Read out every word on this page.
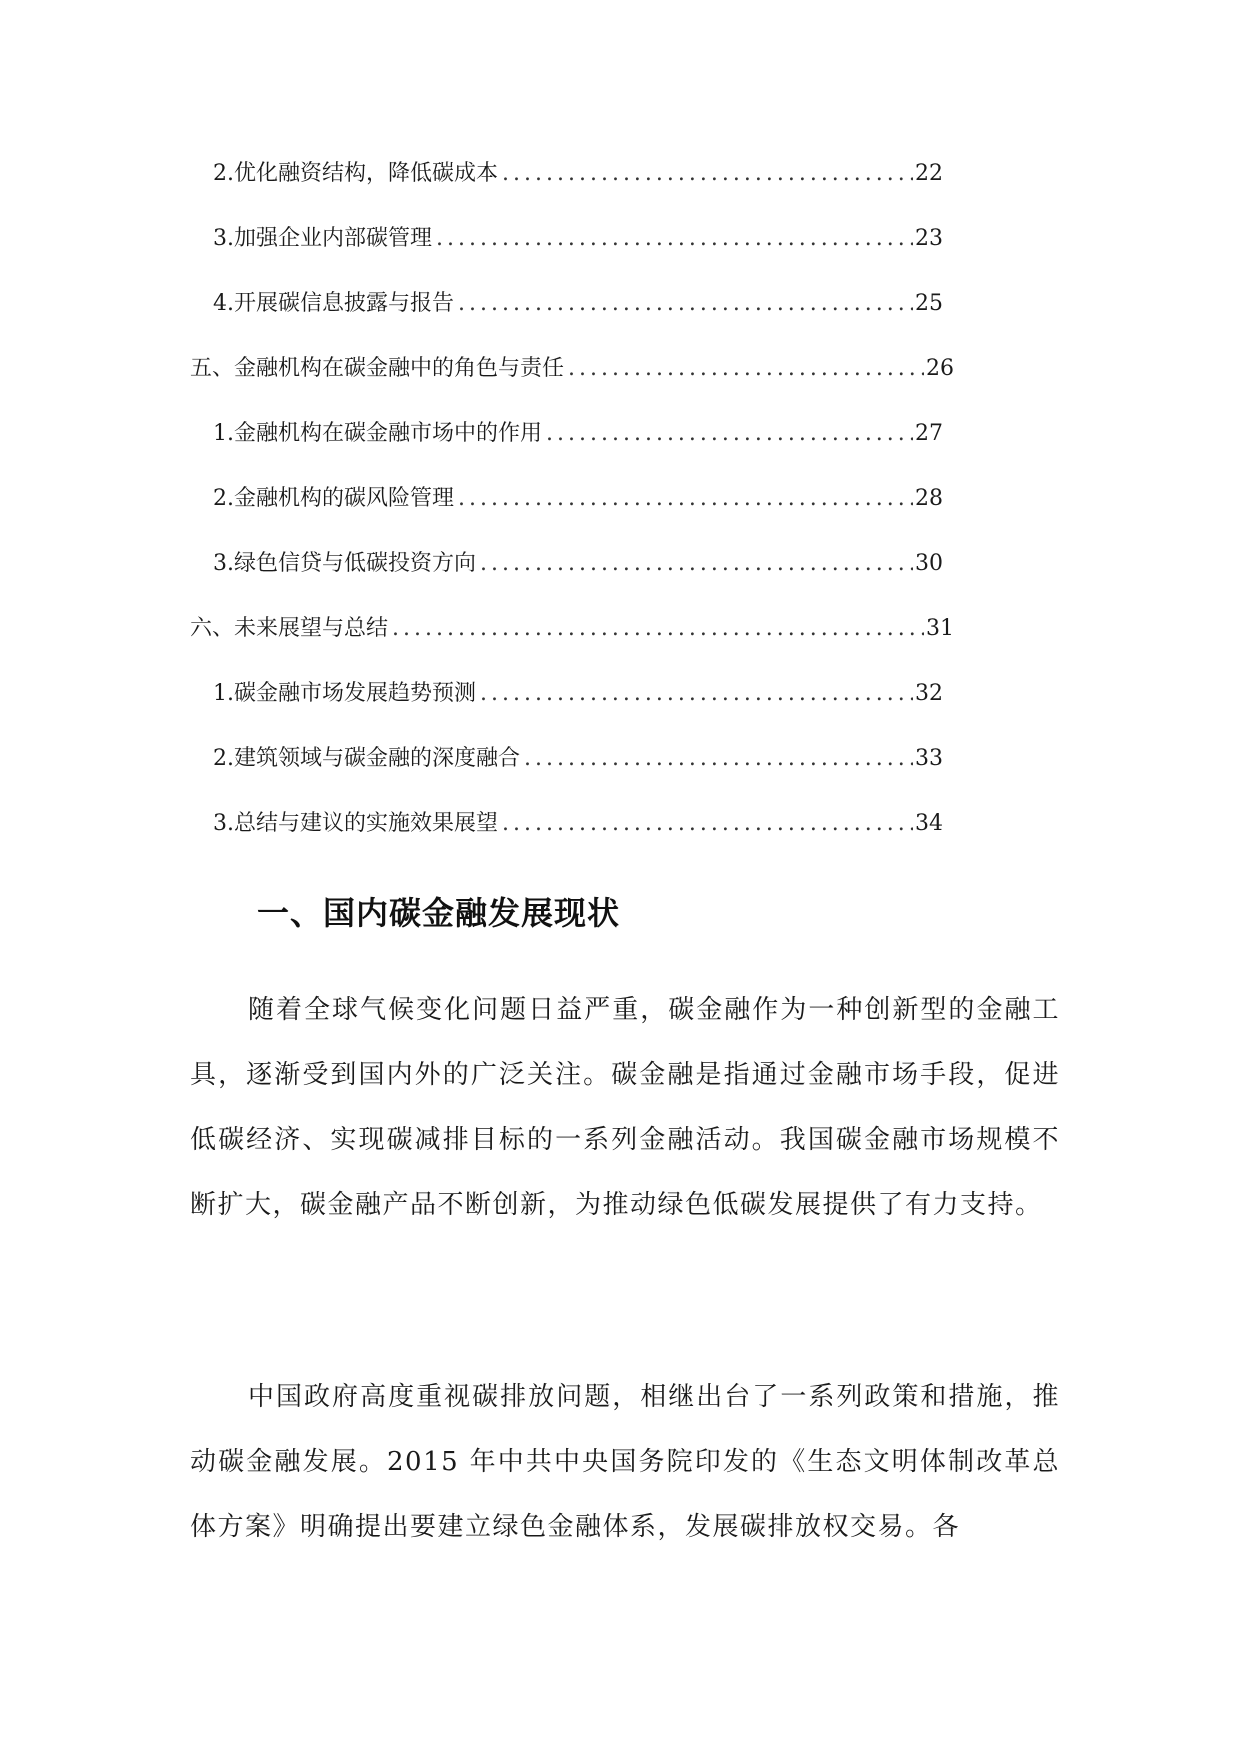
2. 优化融资结构，降低碳成本 .....	22
3. 加强企业内部碳管理 .....	23
4. 开展碳信息披露与报告 .....	25
五、金融机构在碳金融中的角色与责任 .....	26
1. 金融机构在碳金融市场中的作用 .....	27
2. 金融机构的碳风险管理 .....	28
3. 绿色信贷与低碳投资方向 .....	30
六、未来展望与总结 .....	31
1. 碳金融市场发展趋势预测 .....	32
2. 建筑领域与碳金融的深度融合 .....	33
3. 总结与建议的实施效果展望 .....	34
一、国内碳金融发展现状

随着全球气候变化问题日益严重，碳金融作为一种创新型的金融工具，逐渐受到国内外的广泛关注。碳金融是指通过金融市场手段，促进低碳经济、实现碳减排目标的一系列金融活动。我国碳金融市场规模不断扩大，碳金融产品不断创新，为推动绿色低碳发展提供了有力支持。

中国政府高度重视碳排放问题，相继出台了一系列政策和措施，推动碳金融发展。2015 年中共中央国务院印发的《生态文明体制改革总体方案》明确提出要建立绿色金融体系，发展碳排放权交易。各
